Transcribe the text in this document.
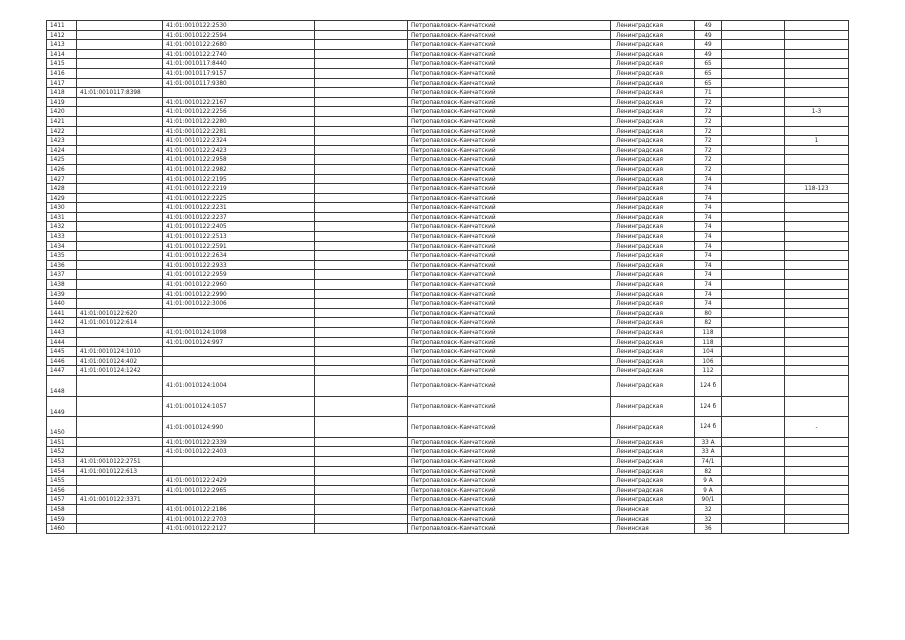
1411		41:01:0010122:2530		Петропавловск-Камчатский	Ленинградская	49		
1412		41:01:0010122:2594		Петропавловск-Камчатский	Ленинградская	49		
1413		41:01:0010122:2680		Петропавловск-Камчатский	Ленинградская	49		
1414		41:01:0010122:2740		Петропавловск-Камчатский	Ленинградская	49		
1415		41:01:0010117:8440		Петропавловск-Камчатский	Ленинградская	65		
1416		41:01:0010117:9157		Петропавловск-Камчатский	Ленинградская	65		
1417		41:01:0010117:9380		Петропавловск-Камчатский	Ленинградская	65		
1418	41:01:0010117:8398			Петропавловск-Камчатский	Ленинградская	71		
1419		41:01:0010122:2167		Петропавловск-Камчатский	Ленинградская	72		
1420		41:01:0010122:2256		Петропавловск-Камчатский	Ленинградская	72		1-3
1421		41:01:0010122:2280		Петропавловск-Камчатский	Ленинградская	72		
1422		41:01:0010122:2281		Петропавловск-Камчатский	Ленинградская	72		
1423		41:01:0010122:2324		Петропавловск-Камчатский	Ленинградская	72		1
1424		41:01:0010122:2423		Петропавловск-Камчатский	Ленинградская	72		
1425		41:01:0010122:2958		Петропавловск-Камчатский	Ленинградская	72		
1426		41:01:0010122:2982		Петропавловск-Камчатский	Ленинградская	72		
1427		41:01:0010122:2195		Петропавловск-Камчатский	Ленинградская	74		
1428		41:01:0010122:2219		Петропавловск-Камчатский	Ленинградская	74		118-123
1429		41:01:0010122:2225		Петропавловск-Камчатский	Ленинградская	74		
1430		41:01:0010122:2231		Петропавловск-Камчатский	Ленинградская	74		
1431		41:01:0010122:2237		Петропавловск-Камчатский	Ленинградская	74		
1432		41:01:0010122:2405		Петропавловск-Камчатский	Ленинградская	74		
1433		41:01:0010122:2513		Петропавловск-Камчатский	Ленинградская	74		
1434		41:01:0010122:2591		Петропавловск-Камчатский	Ленинградская	74		
1435		41:01:0010122:2634		Петропавловск-Камчатский	Ленинградская	74		
1436		41:01:0010122:2933		Петропавловск-Камчатский	Ленинградская	74		
1437		41:01:0010122:2959		Петропавловск-Камчатский	Ленинградская	74		
1438		41:01:0010122:2960		Петропавловск-Камчатский	Ленинградская	74		
1439		41:01:0010122:2990		Петропавловск-Камчатский	Ленинградская	74		
1440		41:01:0010122:3006		Петропавловск-Камчатский	Ленинградская	74		
1441	41:01:0010122:620			Петропавловск-Камчатский	Ленинградская	80		
1442	41:01:0010122:614			Петропавловск-Камчатский	Ленинградская	82		
1443		41:01:0010124:1098		Петропавловск-Камчатский	Ленинградская	118		
1444		41:01:0010124:997		Петропавловск-Камчатский	Ленинградская	118		
1445	41:01:0010124:1010			Петропавловск-Камчатский	Ленинградская	104		
1446	41:01:0010124:402			Петропавловск-Камчатский	Ленинградская	106		
1447	41:01:0010124:1242			Петропавловск-Камчатский	Ленинградская	112		
1448		41:01:0010124:1004		Петропавловск-Камчатский	Ленинградская	124 б		
1449		41:01:0010124:1057		Петропавловск-Камчатский	Ленинградская	124 б		
1450		41:01:0010124:990		Петропавловск-Камчатский	Ленинградская	124 б		-
1451		41:01:0010122:2339		Петропавловск-Камчатский	Ленинградская	33 А		
1452		41:01:0010122:2403		Петропавловск-Камчатский	Ленинградская	33 А		
1453	41:01:0010122:2751			Петропавловск-Камчатский	Ленинградская	74/1		
1454	41:01:0010122:613			Петропавловск-Камчатский	Ленинградская	82		
1455		41:01:0010122:2429		Петропавловск-Камчатский	Ленинградская	9 А		
1456		41:01:0010122:2965		Петропавловск-Камчатский	Ленинградская	9 А		
1457	41:01:0010122:3371			Петропавловск-Камчатский	Ленинградская	90/1		
1458		41:01:0010122:2186		Петропавловск-Камчатский	Ленинская	32		
1459		41:01:0010122:2703		Петропавловск-Камчатский	Ленинская	32		
1460		41:01:0010122:2127		Петропавловск-Камчатский	Ленинская	36		
